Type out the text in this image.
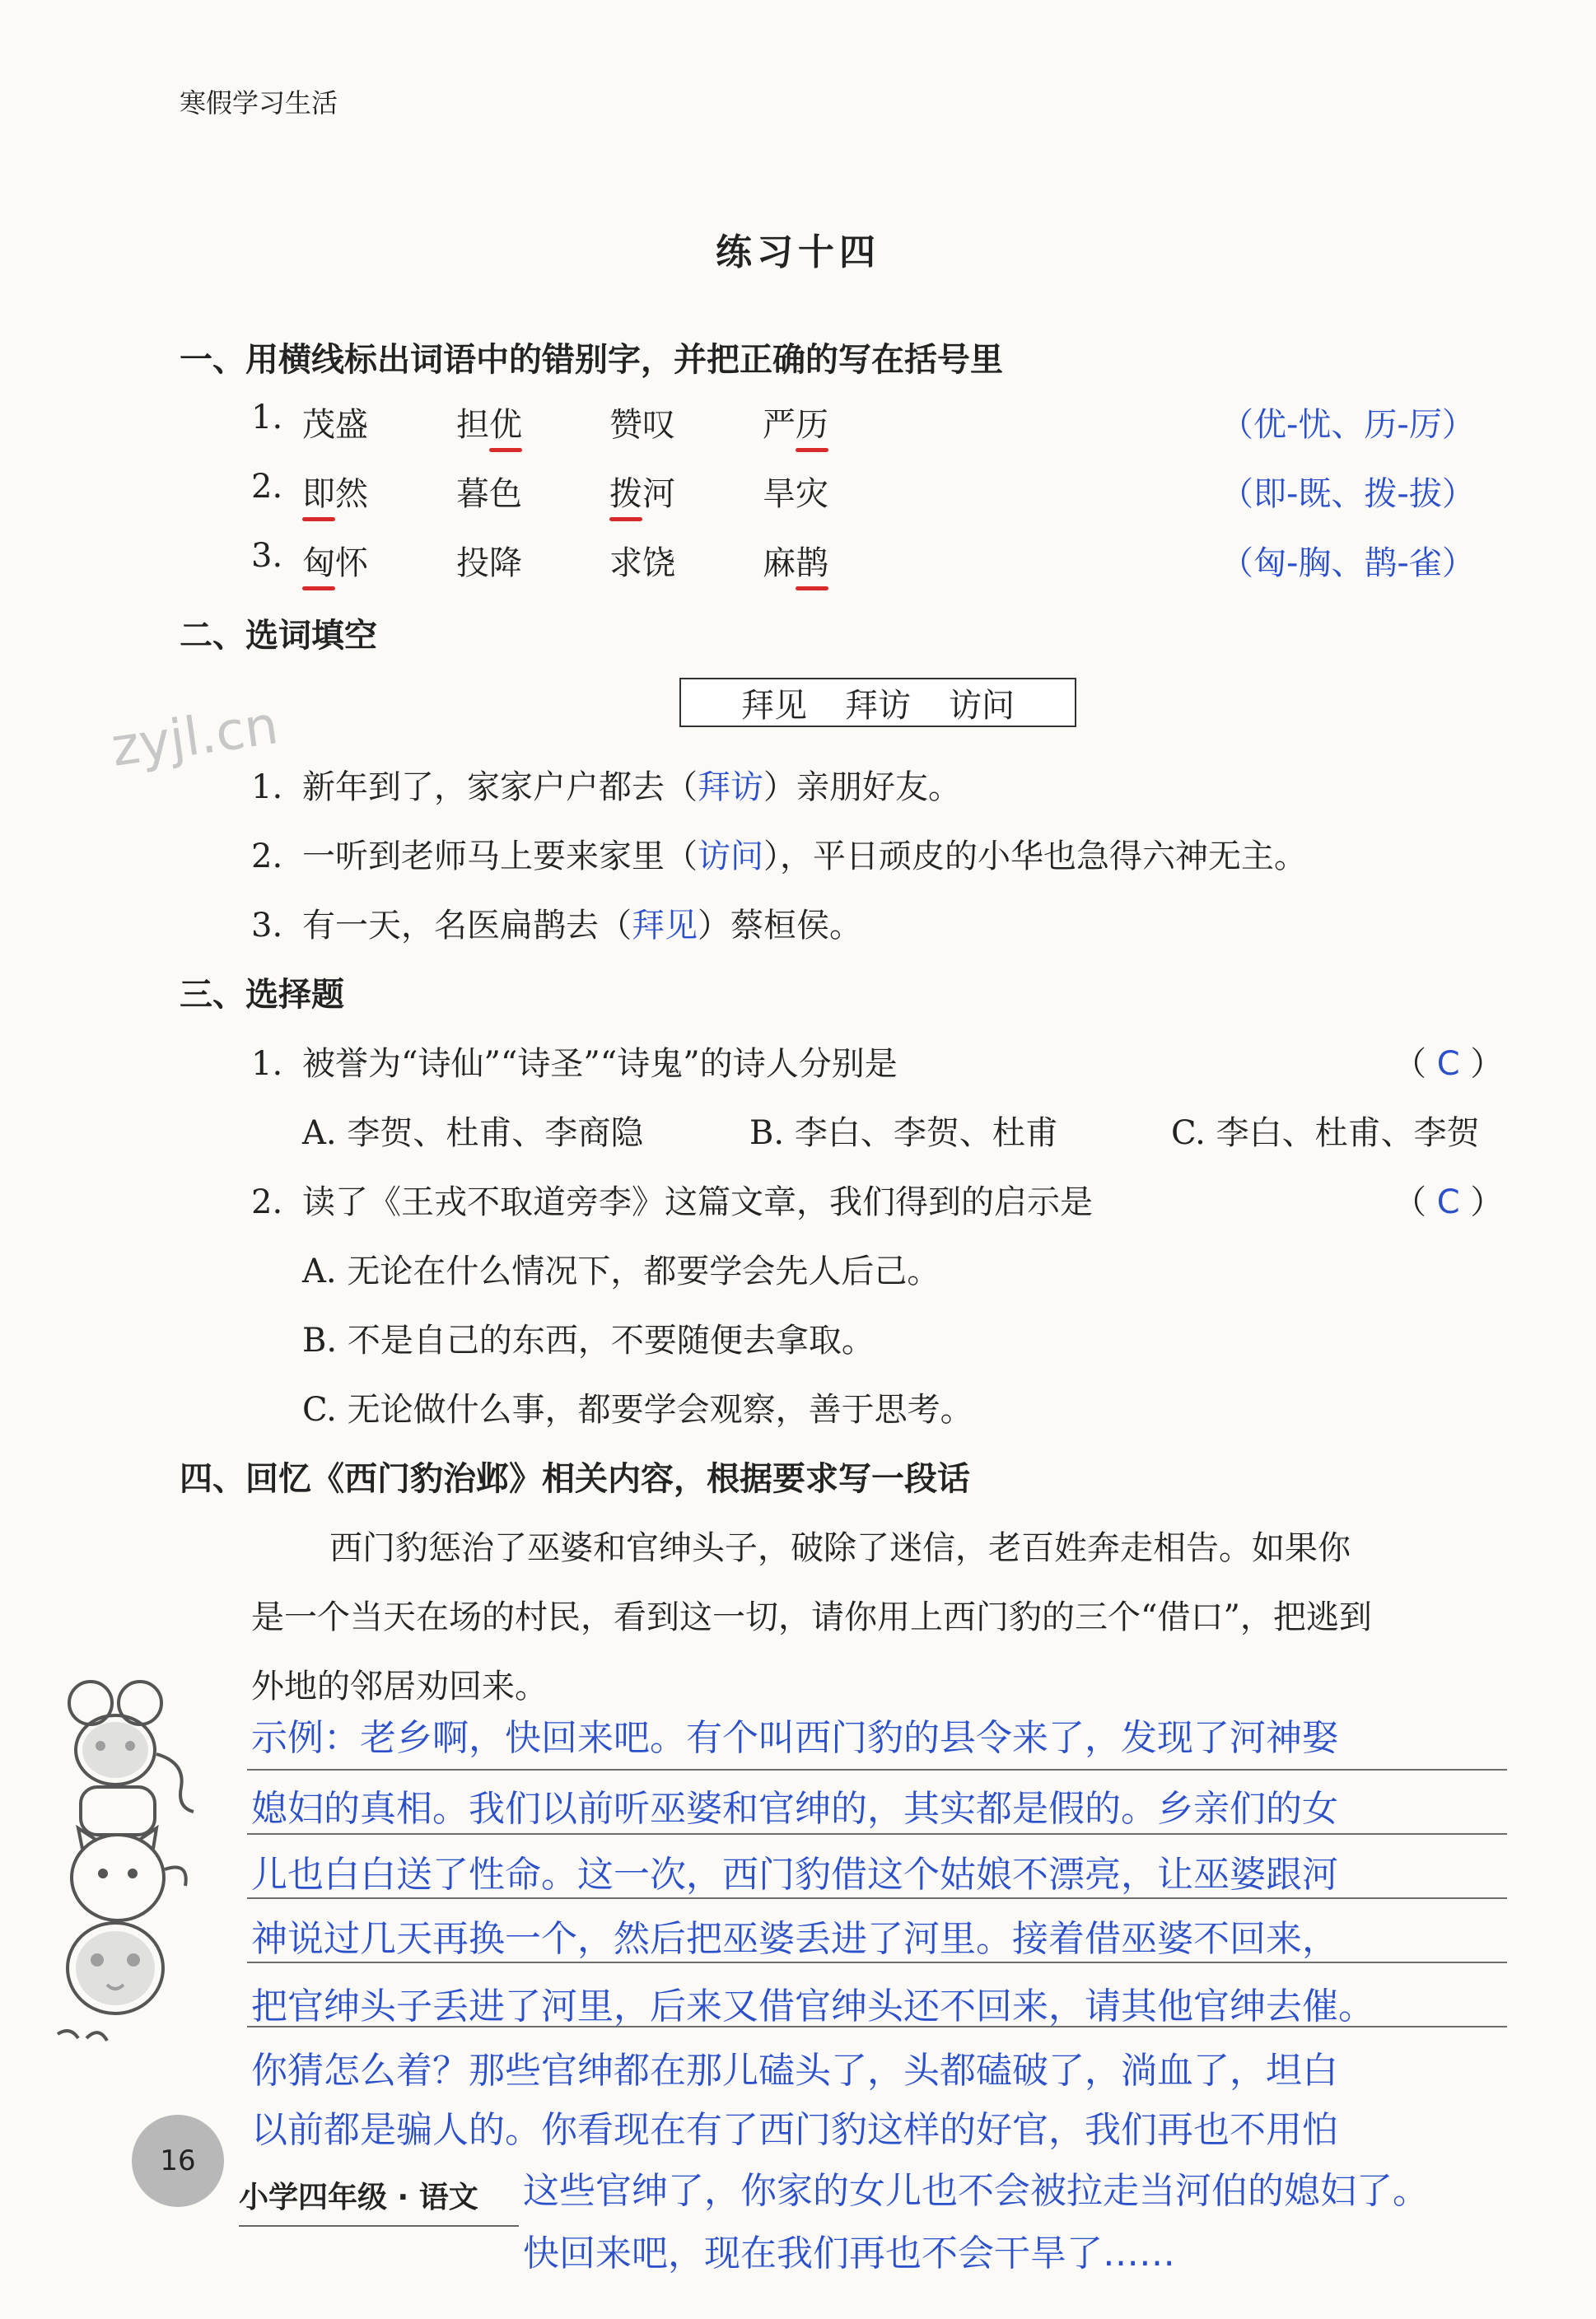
寒假学习生活
练习十四
zyjl.cn
一、用横线标出词语中的错别字，并把正确的写在括号里
1. 茂盛	担优	赞叹	严历	（优-忧、历-厉）
2. 即然	暮色	拨河	旱灾	（即-既、拨-拔）
3. 匈怀	投降	求饶	麻鹊	（匈-胸、鹊-雀）
二、选词填空
拜见 拜访 访问
1. 新年到了，家家户户都去（拜访）亲朋好友。
2. 一听到老师马上要来家里（访问），平日顽皮的小华也急得六神无主。
3. 有一天，名医扁鹊去（拜见）蔡桓侯。
三、选择题
1. 被誉为“诗仙”“诗圣”“诗鬼”的诗人分别是	（ C ）
A. 李贺、杜甫、李商隐	B. 李白、李贺、杜甫	C. 李白、杜甫、李贺
2. 读了《王戎不取道旁李》这篇文章，我们得到的启示是	（ C ）
A. 无论在什么情况下，都要学会先人后己。
B. 不是自己的东西，不要随便去拿取。
C. 无论做什么事，都要学会观察，善于思考。
四、回忆《西门豹治邺》相关内容，根据要求写一段话
西门豹惩治了巫婆和官绅头子，破除了迷信，老百姓奔走相告。如果你
是一个当天在场的村民，看到这一切，请你用上西门豹的三个“借口”，把逃到
外地的邻居劝回来。
示例：老乡啊，快回来吧。有个叫西门豹的县令来了，发现了河神娶
媳妇的真相。我们以前听巫婆和官绅的，其实都是假的。乡亲们的女
儿也白白送了性命。这一次，西门豹借这个姑娘不漂亮，让巫婆跟河
神说过几天再换一个，然后把巫婆丢进了河里。接着借巫婆不回来，
把官绅头子丢进了河里，后来又借官绅头还不回来，请其他官绅去催。
你猜怎么着？那些官绅都在那儿磕头了，头都磕破了，淌血了，坦白
以前都是骗人的。你看现在有了西门豹这样的好官，我们再也不用怕
这些官绅了，你家的女儿也不会被拉走当河伯的媳妇了。
快回来吧，现在我们再也不会干旱了……
16
小学四年级 · 语文
